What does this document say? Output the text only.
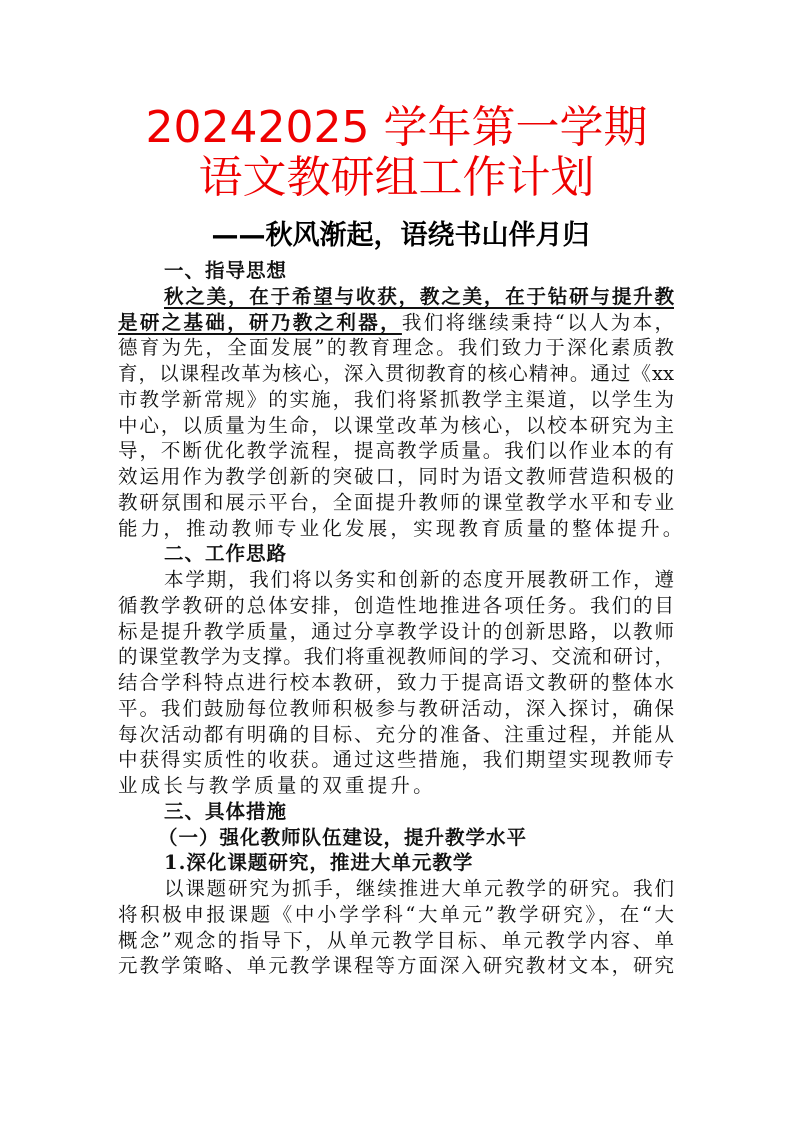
20242025 学年第一学期
语文教研组工作计划
——秋风渐起，语绕书山伴月归
一、指导思想
秋之美，在于希望与收获，教之美，在于钻研与提升教
是研之基础，研乃教之利器，我们将继续秉持“以人为本，
德育为先，全面发展”的教育理念。我们致力于深化素质教
育，以课程改革为核心，深入贯彻教育的核心精神。通过《xx
市教学新常规》的实施，我们将紧抓教学主渠道，以学生为
中心，以质量为生命，以课堂改革为核心，以校本研究为主
导，不断优化教学流程，提高教学质量。我们以作业本的有
效运用作为教学创新的突破口，同时为语文教师营造积极的
教研氛围和展示平台，全面提升教师的课堂教学水平和专业
能力，推动教师专业化发展，实现教育质量的整体提升。
二、工作思路
本学期，我们将以务实和创新的态度开展教研工作，遵
循教学教研的总体安排，创造性地推进各项任务。我们的目
标是提升教学质量，通过分享教学设计的创新思路，以教师
的课堂教学为支撑。我们将重视教师间的学习、交流和研讨，
结合学科特点进行校本教研，致力于提高语文教研的整体水
平。我们鼓励每位教师积极参与教研活动，深入探讨，确保
每次活动都有明确的目标、充分的准备、注重过程，并能从
中获得实质性的收获。通过这些措施，我们期望实现教师专
业成长与教学质量的双重提升。
三、具体措施
（一）强化教师队伍建设，提升教学水平
1.深化课题研究，推进大单元教学
以课题研究为抓手，继续推进大单元教学的研究。我们
将积极申报课题《中小学学科“大单元”教学研究》，在“大
概念”观念的指导下，从单元教学目标、单元教学内容、单
元教学策略、单元教学课程等方面深入研究教材文本，研究
